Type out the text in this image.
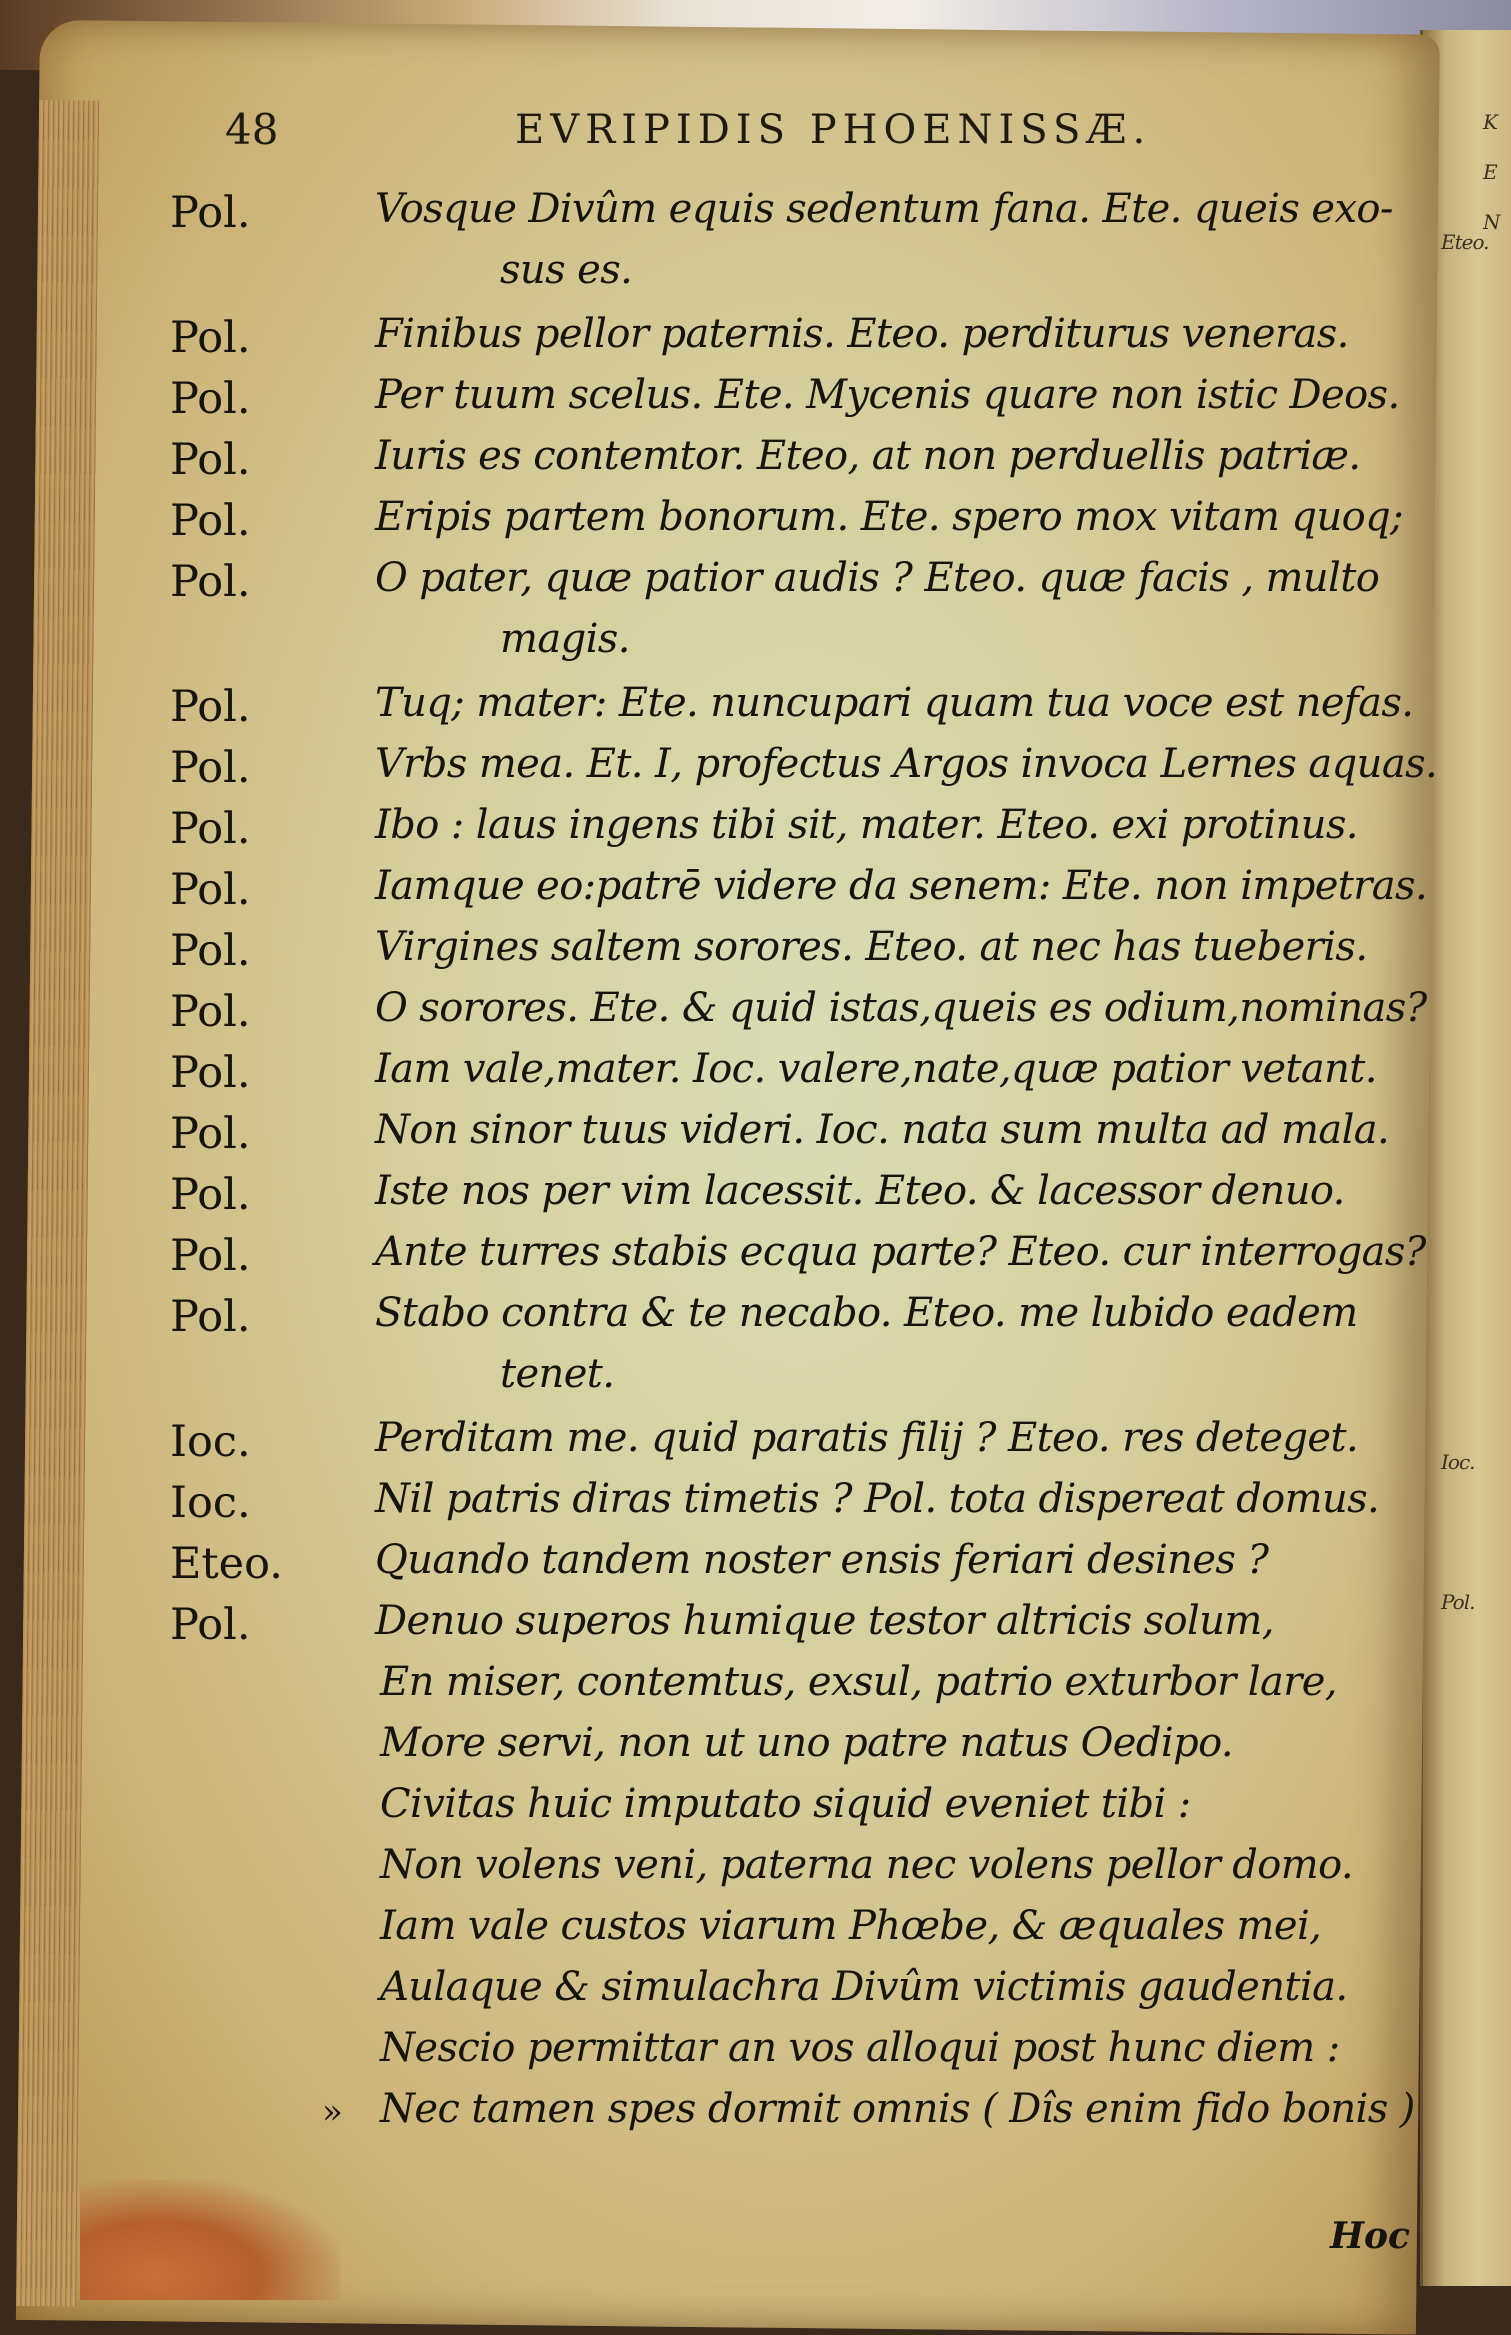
Eteo.
Pol.
Ioc.
K
E
N
48	EVRIPIDIS PHOENISSÆ.
Pol.	Vosque Divûm equis sedentum fana. Ete. queis exo-
sus es.
Pol.	Finibus pellor paternis. Eteo. perditurus veneras.
Pol.	Per tuum scelus. Ete. Mycenis quare non istic Deos.
Pol.	Iuris es contemtor. Eteo, at non perduellis patriæ.
Pol.	Eripis partem bonorum. Ete. spero mox vitam quoq;
Pol.	O pater, quæ patior audis ? Eteo. quæ facis , multo
magis.
Pol.	Tuq; mater: Ete. nuncupari quam tua voce est nefas.
Pol.	Vrbs mea. Et. I, profectus Argos invoca Lernes aquas.
Pol.	Ibo : laus ingens tibi sit, mater. Eteo. exi protinus.
Pol.	Iamque eo:patrē videre da senem: Ete. non impetras.
Pol.	Virgines saltem sorores. Eteo. at nec has tueberis.
Pol.	O sorores. Ete. & quid istas,queis es odium,nominas?
Pol.	Iam vale,mater. Ioc. valere,nate,quæ patior vetant.
Pol.	Non sinor tuus videri. Ioc. nata sum multa ad mala.
Pol.	Iste nos per vim lacessit. Eteo. & lacessor denuo.
Pol.	Ante turres stabis ecqua parte? Eteo. cur interrogas?
Pol.	Stabo contra & te necabo. Eteo. me lubido eadem
tenet.
Ioc.	Perditam me. quid paratis filij ? Eteo. res deteget.
Ioc.	Nil patris diras timetis ? Pol. tota dispereat domus.
Eteo. Quando tandem noster ensis feriari desines ?
Pol.	Denuo superos humique testor altricis solum,
En miser, contemtus, exsul, patrio exturbor lare,
More servi, non ut uno patre natus Oedipo.
Civitas huic imputato siquid eveniet tibi :
Non volens veni, paterna nec volens pellor domo.
Iam vale custos viarum Phœbe, & æquales mei,
Aulaque & simulachra Divûm victimis gaudentia.
Nescio permittar an vos alloqui post hunc diem :
» Nec tamen spes dormit omnis ( Dîs enim fido bonis )
Hoc
